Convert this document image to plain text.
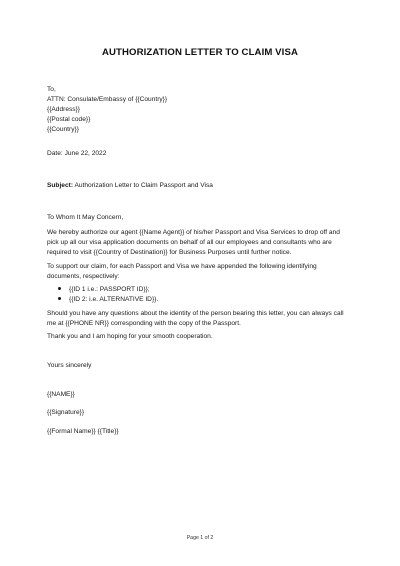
AUTHORIZATION LETTER TO CLAIM VISA
To,
ATTN: Consulate/Embassy of {{Country}}
{{Address}}
{{Postal code}}
{{Country}}
Date: June 22, 2022
Subject: Authorization Letter to Claim Passport and Visa
To Whom It May Concern,
We hereby authorize our agent {{Name Agent}} of his/her Passport and Visa Services to drop off and
pick up all our visa application documents on behalf of all our employees and consultants who are
required to visit {{Country of Destination}} for Business Purposes until further notice.
To support our claim, for each Passport and Visa we have appended the following identifying
documents, respectively:
{{ID 1 i.e.: PASSPORT ID}};
{{ID 2: i.e. ALTERNATIVE ID}}.
Should you have any questions about the identity of the person bearing this letter, you can always call
me at {{PHONE NR}} corresponding with the copy of the Passport.
Thank you and I am hoping for your smooth cooperation.
Yours sincerely
{{NAME}}
{{Signature}}
{{Formal Name}} {{Title}}
Page 1 of 2
